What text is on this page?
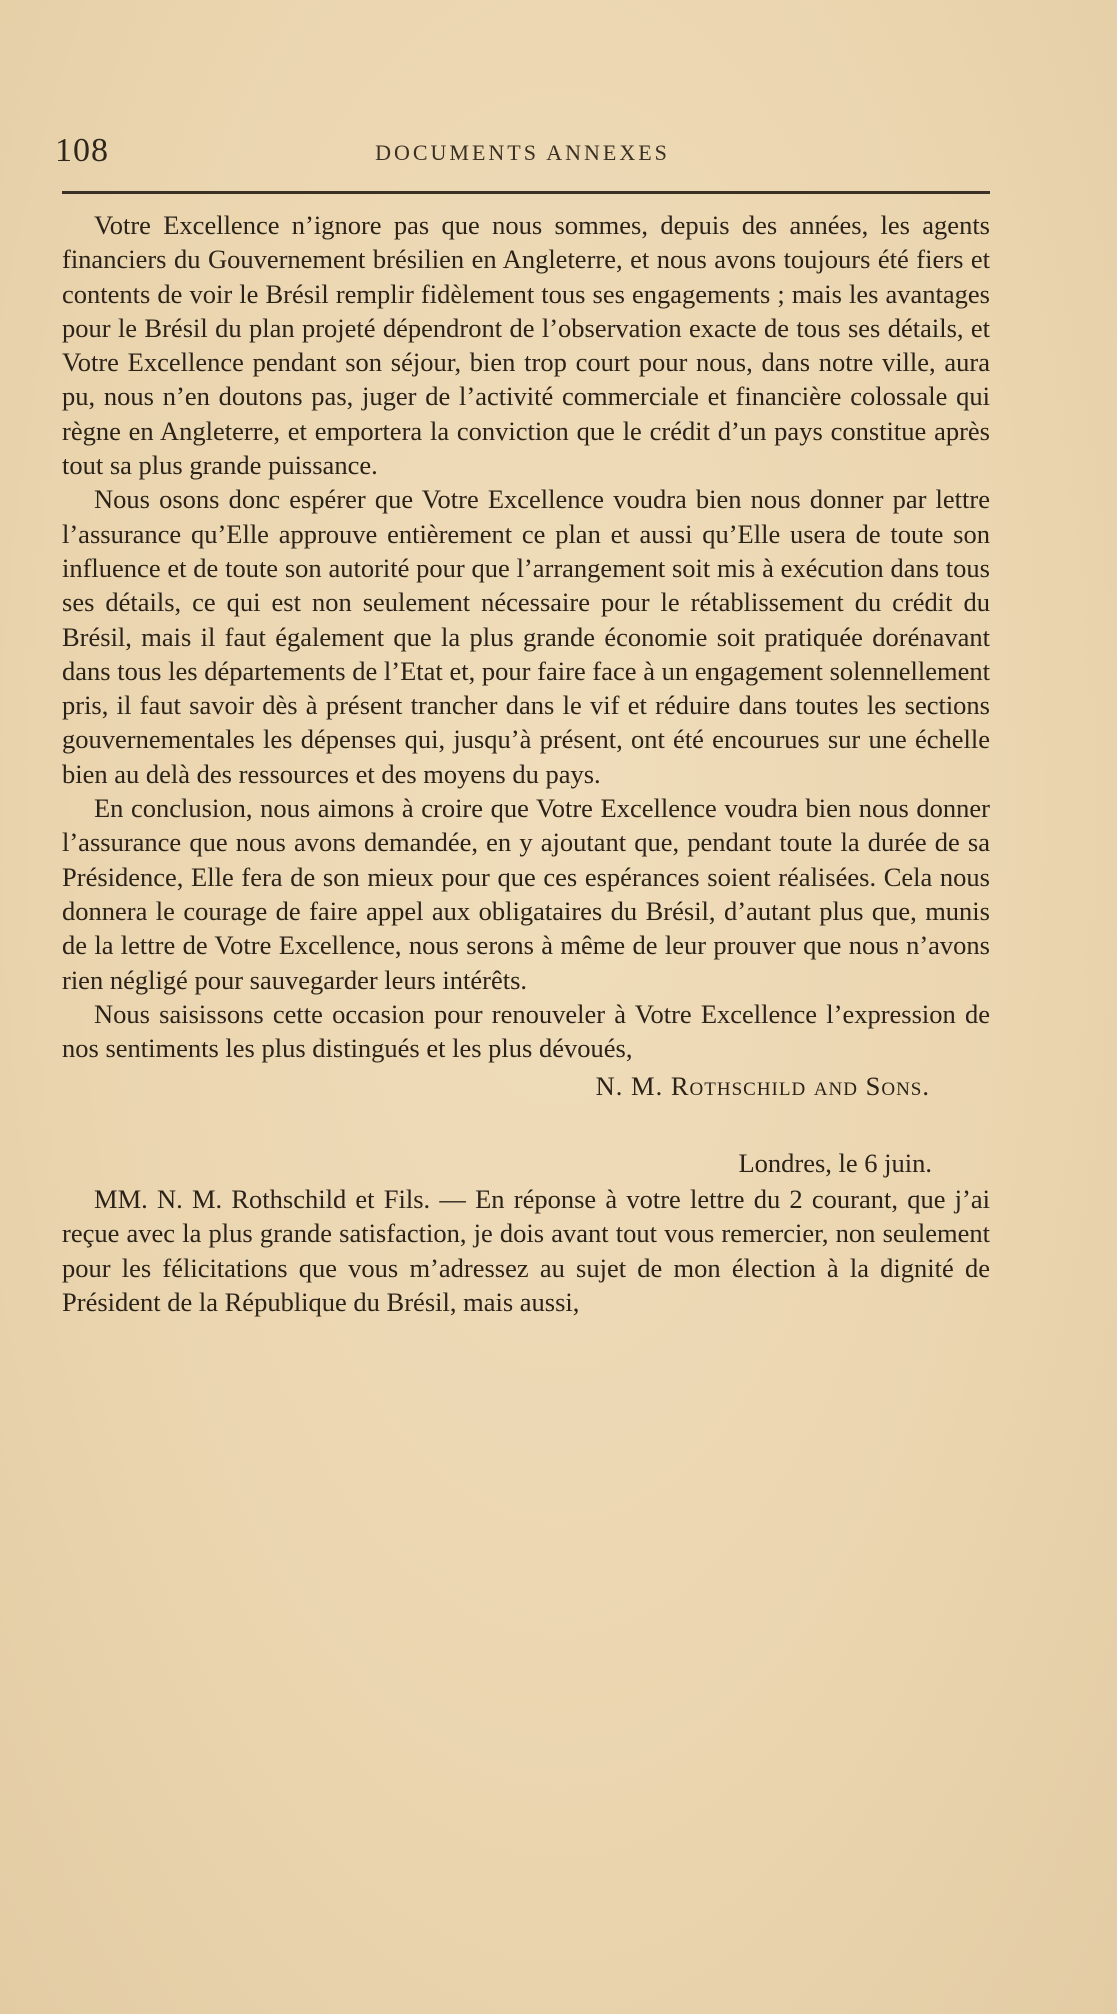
108	DOCUMENTS ANNEXES

Votre Excellence n’ignore pas que nous sommes, depuis des années, les agents financiers du Gouvernement brésilien en Angleterre, et nous avons toujours été fiers et contents de voir le Brésil remplir fidèlement tous ses engagements ; mais les avantages pour le Brésil du plan projeté dépendront de l’observation exacte de tous ses détails, et Votre Excellence pendant son séjour, bien trop court pour nous, dans notre ville, aura pu, nous n’en doutons pas, juger de l’activité commerciale et financière colossale qui règne en Angleterre, et emportera la conviction que le crédit d’un pays constitue après tout sa plus grande puissance.

Nous osons donc espérer que Votre Excellence voudra bien nous donner par lettre l’assurance qu’Elle approuve entièrement ce plan et aussi qu’Elle usera de toute son influence et de toute son autorité pour que l’arrangement soit mis à exécution dans tous ses détails, ce qui est non seulement nécessaire pour le rétablissement du crédit du Brésil, mais il faut également que la plus grande économie soit pratiquée dorénavant dans tous les départements de l’Etat et, pour faire face à un engagement solennellement pris, il faut savoir dès à présent trancher dans le vif et réduire dans toutes les sections gouvernementales les dépenses qui, jusqu’à présent, ont été encourues sur une échelle bien au delà des ressources et des moyens du pays.

En conclusion, nous aimons à croire que Votre Excellence voudra bien nous donner l’assurance que nous avons demandée, en y ajoutant que, pendant toute la durée de sa Présidence, Elle fera de son mieux pour que ces espérances soient réalisées. Cela nous donnera le courage de faire appel aux obligataires du Brésil, d’autant plus que, munis de la lettre de Votre Excellence, nous serons à même de leur prouver que nous n’avons rien négligé pour sauvegarder leurs intérêts.

Nous saisissons cette occasion pour renouveler à Votre Excellence l’expression de nos sentiments les plus distingués et les plus dévoués,

N. M. Rothschild and Sons.

Londres, le 6 juin.

MM. N. M. Rothschild et Fils. — En réponse à votre lettre du 2 courant, que j’ai reçue avec la plus grande satisfaction, je dois avant tout vous remercier, non seulement pour les félicitations que vous m’adressez au sujet de mon élection à la dignité de Président de la République du Brésil, mais aussi,
